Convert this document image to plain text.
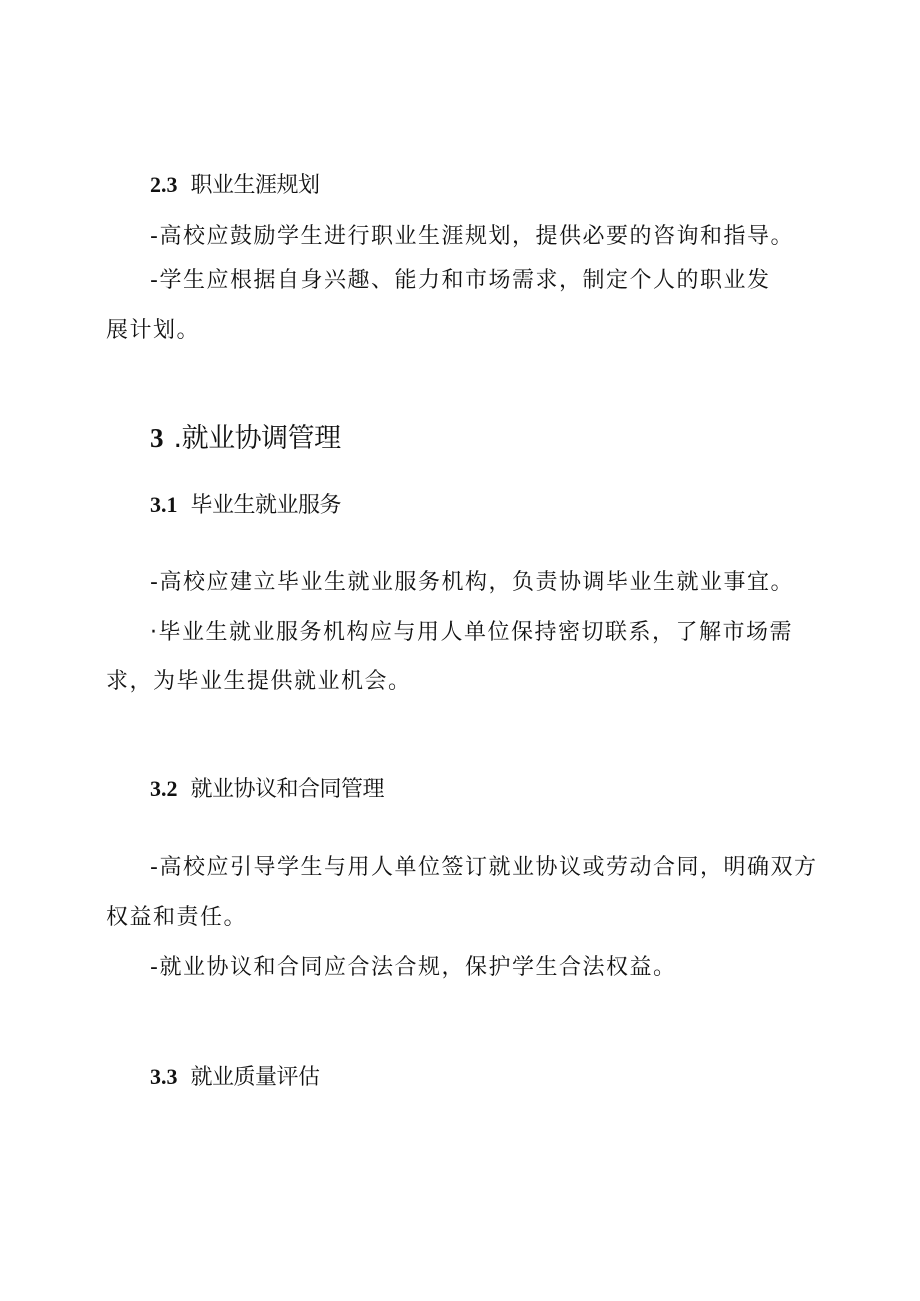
2.3 职业生涯规划

-高校应鼓励学生进行职业生涯规划，提供必要的咨询和指导。

-学生应根据自身兴趣、能力和市场需求，制定个人的职业发

展计划。

3 .就业协调管理
3.1 毕业生就业服务

-高校应建立毕业生就业服务机构，负责协调毕业生就业事宜。

·毕业生就业服务机构应与用人单位保持密切联系，了解市场需

求，为毕业生提供就业机会。

3.2 就业协议和合同管理

-高校应引导学生与用人单位签订就业协议或劳动合同，明确双方

权益和责任。

-就业协议和合同应合法合规，保护学生合法权益。

3.3 就业质量评估
